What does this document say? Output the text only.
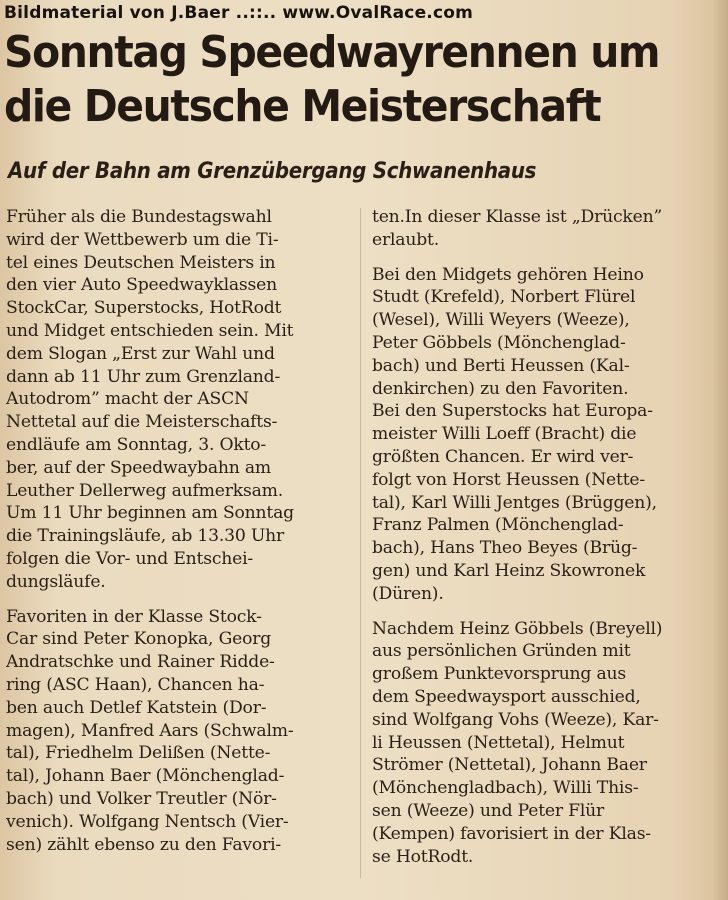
Bildmaterial von J.Baer ..::.. www.OvalRace.com
Sonntag Speedwayrennen um
die Deutsche Meisterschaft
Auf der Bahn am Grenzübergang Schwanenhaus
Früher als die Bundestagswahl
wird der Wettbewerb um die Ti-
tel eines Deutschen Meisters in
den vier Auto Speedwayklassen
StockCar, Superstocks, HotRodt
und Midget entschieden sein. Mit
dem Slogan „Erst zur Wahl und
dann ab 11 Uhr zum Grenzland-
Autodrom” macht der ASCN
Nettetal auf die Meisterschafts-
endläufe am Sonntag, 3. Okto-
ber, auf der Speedwaybahn am
Leuther Dellerweg aufmerksam.
Um 11 Uhr beginnen am Sonntag
die Trainingsläufe, ab 13.30 Uhr
folgen die Vor- und Entschei-
dungsläufe.
Favoriten in der Klasse Stock-
Car sind Peter Konopka, Georg
Andratschke und Rainer Ridde-
ring (ASC Haan), Chancen ha-
ben auch Detlef Katstein (Dor-
magen), Manfred Aars (Schwalm-
tal), Friedhelm Delißen (Nette-
tal), Johann Baer (Mönchenglad-
bach) und Volker Treutler (Nör-
venich). Wolfgang Nentsch (Vier-
sen) zählt ebenso zu den Favori-
ten.In dieser Klasse ist „Drücken”
erlaubt.
Bei den Midgets gehören Heino
Studt (Krefeld), Norbert Flürel
(Wesel), Willi Weyers (Weeze),
Peter Göbbels (Mönchenglad-
bach) und Berti Heussen (Kal-
denkirchen) zu den Favoriten.
Bei den Superstocks hat Europa-
meister Willi Loeff (Bracht) die
größten Chancen. Er wird ver-
folgt von Horst Heussen (Nette-
tal), Karl Willi Jentges (Brüggen),
Franz Palmen (Mönchenglad-
bach), Hans Theo Beyes (Brüg-
gen) und Karl Heinz Skowronek
(Düren).
Nachdem Heinz Göbbels (Breyell)
aus persönlichen Gründen mit
großem Punktevorsprung aus
dem Speedwaysport ausschied,
sind Wolfgang Vohs (Weeze), Kar-
li Heussen (Nettetal), Helmut
Strömer (Nettetal), Johann Baer
(Mönchengladbach), Willi This-
sen (Weeze) und Peter Flür
(Kempen) favorisiert in der Klas-
se HotRodt.
